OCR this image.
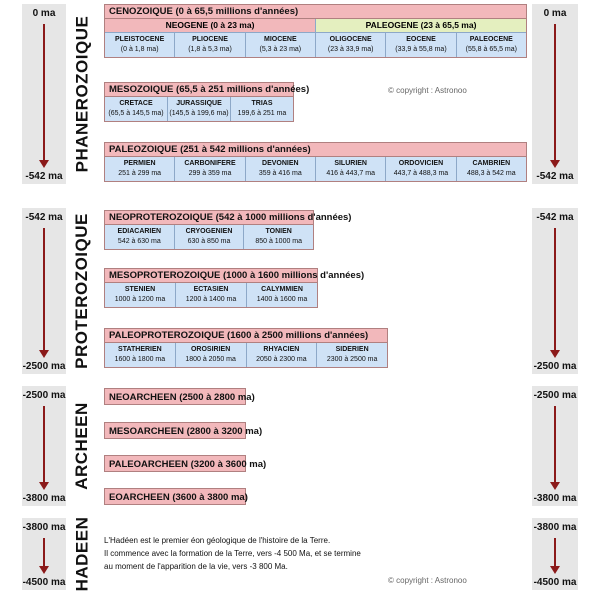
0 ma
-542 ma
-542 ma
-2500 ma
-2500 ma
-3800 ma
-3800 ma
-4500 ma
0 ma
-542 ma
-542 ma
-2500 ma
-2500 ma
-3800 ma
-3800 ma
-4500 ma
PHANEROZOIQUE
PROTEROZOIQUE
ARCHEEN
HADEEN
CENOZOIQUE (0 à 65,5 millions d'années)
NEOGENE (0 à 23 ma)
PLEISTOCENE
(0 à 1,8 ma)
PLIOCENE
(1,8 à 5,3 ma)
MIOCENE
(5,3 à 23 ma)
PALEOGENE (23 à 65,5 ma)
OLIGOCENE
(23 à 33,9 ma)
EOCENE
(33,9 à 55,8 ma)
PALEOCENE
(55,8 à 65,5 ma)
MESOZOIQUE (65,5 à 251 millions d'années)
CRETACE
(65,5 à 145,5 ma)
JURASSIQUE
(145,5 à 199,6 ma)
TRIAS
199,6 à 251 ma
© copyright : Astronoo
PALEOZOIQUE (251 à 542 millions d'années)
PERMIEN
251 à 299 ma
CARBONIFERE
299 à 359 ma
DEVONIEN
359 à 416 ma
SILURIEN
416 à 443,7 ma
ORDOVICIEN
443,7 à 488,3 ma
CAMBRIEN
488,3 à 542 ma
NEOPROTEROZOIQUE (542 à 1000 millions d'années)
EDIACARIEN
542 à 630 ma
CRYOGENIEN
630 à 850 ma
TONIEN
850 à 1000 ma
MESOPROTEROZOIQUE (1000 à 1600 millions d'années)
STENIEN
1000 à 1200 ma
ECTASIEN
1200 à 1400 ma
CALYMMIEN
1400 à 1600 ma
PALEOPROTEROZOIQUE (1600 à 2500 millions d'années)
STATHERIEN
1600 à 1800 ma
OROSIRIEN
1800 à 2050 ma
RHYACIEN
2050 à 2300 ma
SIDERIEN
2300 à 2500 ma
NEOARCHEEN (2500 à 2800 ma)
MESOARCHEEN (2800 à 3200 ma)
PALEOARCHEEN (3200 à 3600 ma)
EOARCHEEN (3600 à 3800 ma)
L'Hadéen est le premier éon géologique de l'histoire de la Terre.
Il commence avec la formation de la Terre, vers -4 500 Ma, et se termine
au moment de l'apparition de la vie, vers -3 800 Ma.
© copyright : Astronoo
